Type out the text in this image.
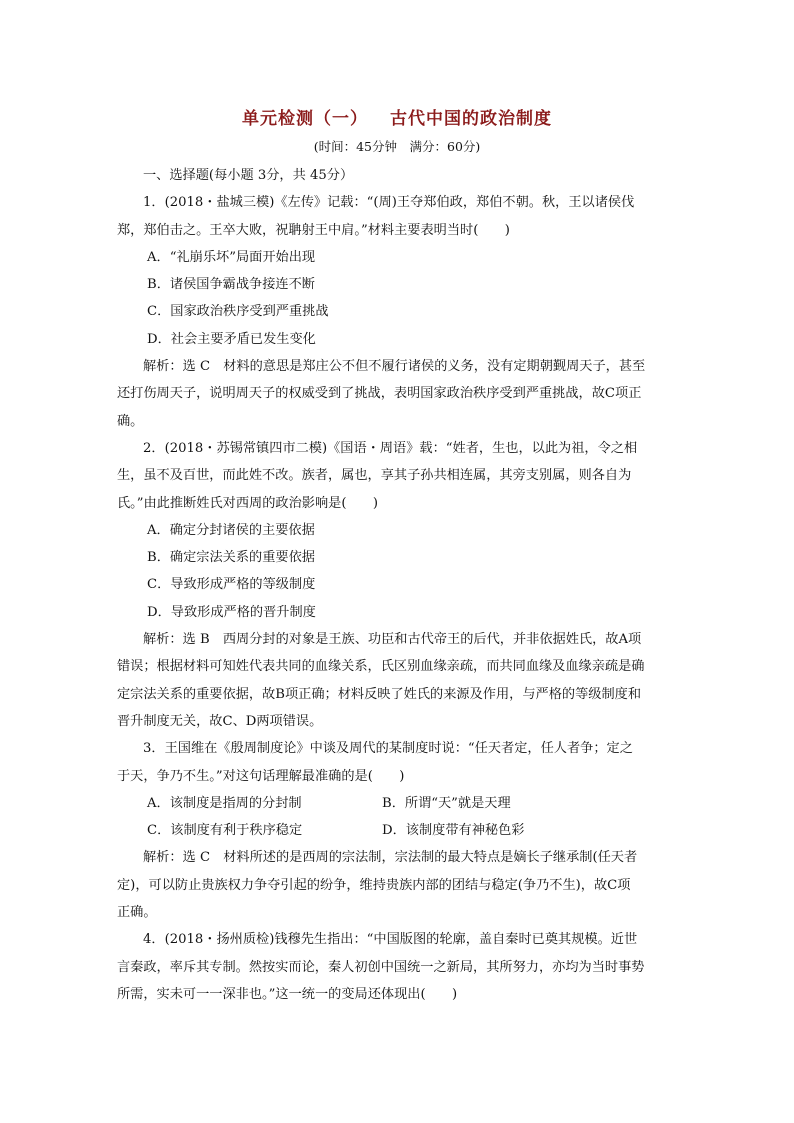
单元检测（一） 古代中国的政治制度
(时间：45分钟　满分：60分)

一、选择题(每小题 3分，共 45分）

1．(2018・盐城三模)《左传》记载：“(周)王夺郑伯政，郑伯不朝。秋，王以诸侯伐
郑，郑伯击之。王卒大败，祝聃射王中肩。”材料主要表明当时(　　)

A．“礼崩乐坏”局面开始出现

B．诸侯国争霸战争接连不断

C．国家政治秩序受到严重挑战

D．社会主要矛盾已发生变化

解析：选 C　材料的意思是郑庄公不但不履行诸侯的义务，没有定期朝觐周天子，甚至
还打伤周天子，说明周天子的权威受到了挑战，表明国家政治秩序受到严重挑战，故C项正
确。

2．(2018・苏锡常镇四市二模)《国语・周语》载：“姓者，生也，以此为祖，令之相
生，虽不及百世，而此姓不改。族者，属也，享其子孙共相连属，其旁支别属，则各自为
氏。”由此推断姓氏对西周的政治影响是(　　)

A．确定分封诸侯的主要依据

B．确定宗法关系的重要依据

C．导致形成严格的等级制度

D．导致形成严格的晋升制度

解析：选 B　西周分封的对象是王族、功臣和古代帝王的后代，并非依据姓氏，故A项
错误；根据材料可知姓代表共同的血缘关系，氏区别血缘亲疏，而共同血缘及血缘亲疏是确
定宗法关系的重要依据，故B项正确；材料反映了姓氏的来源及作用，与严格的等级制度和
晋升制度无关，故C、D两项错误。

3．王国维在《殷周制度论》中谈及周代的某制度时说：“任天者定，任人者争；定之
于天，争乃不生。”对这句话理解最准确的是(　　)

A．该制度是指周的分封制	B．所谓“天”就是天理
C．该制度有利于秩序稳定	D．该制度带有神秘色彩

解析：选 C　材料所述的是西周的宗法制，宗法制的最大特点是嫡长子继承制(任天者
定)，可以防止贵族权力争夺引起的纷争，维持贵族内部的团结与稳定(争乃不生)，故C项
正确。

4．(2018・扬州质检)钱穆先生指出：“中国版图的轮廓，盖自秦时已奠其规模。近世
言秦政，率斥其专制。然按实而论，秦人初创中国统一之新局，其所努力，亦均为当时事势
所需，实未可一一深非也。”这一统一的变局还体现出(　　)
